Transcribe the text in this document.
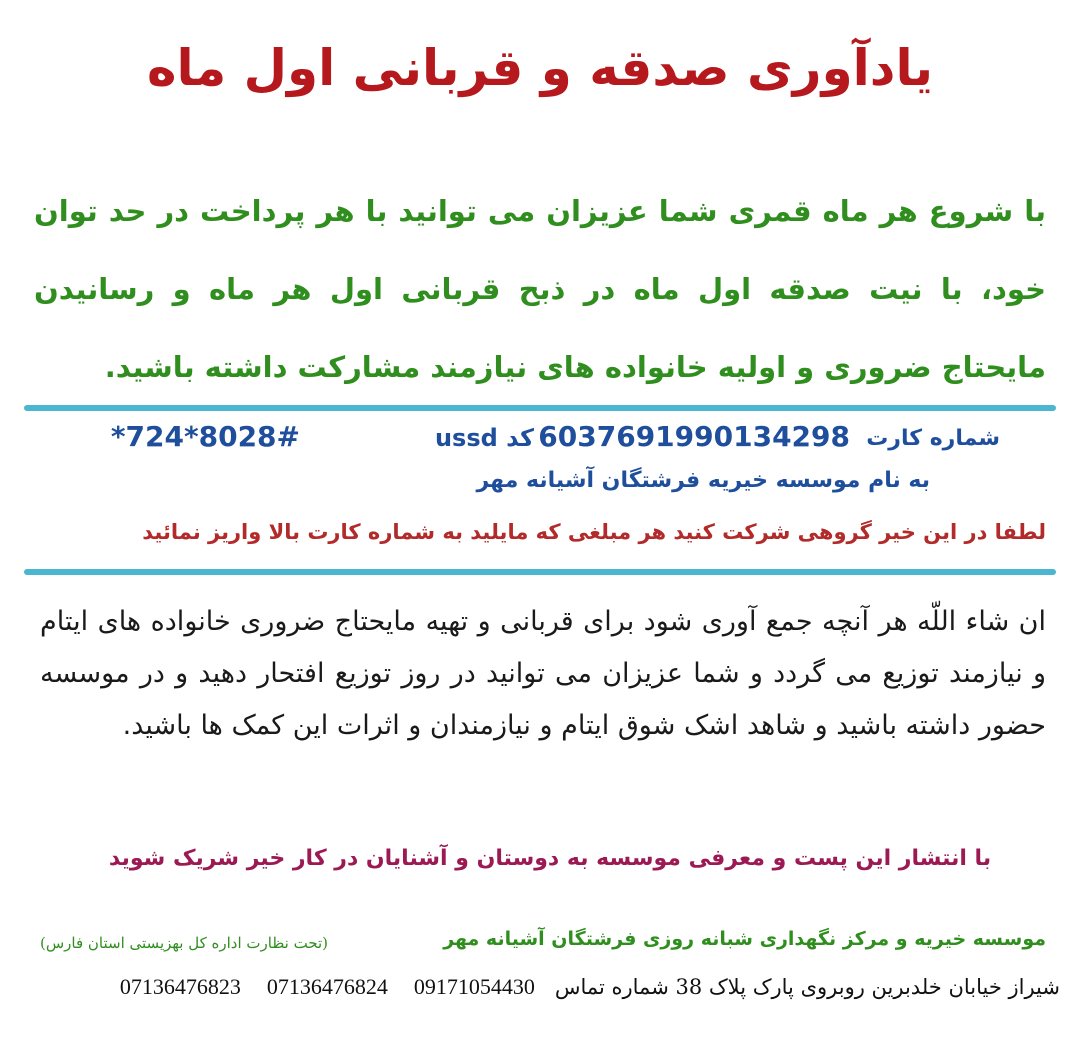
یادآوری صدقه و قربانی اول ماه
با شروع هر ماه قمری شما عزیزان می توانید با هر پرداخت در حد توان خود، با نیت صدقه اول ماه در ذبح قربانی اول هر ماه و رسانیدن مایحتاج ضروری و اولیه خانواده های نیازمند مشارکت داشته باشید.
شماره کارت
6037691990134298
کد ussd
*724*8028#
به نام موسسه خیریه فرشتگان آشیانه مهر
لطفا در این خیر گروهی شرکت کنید هر مبلغی که مایلید به شماره کارت بالا واریز نمائید
ان شاء اللّه هر آنچه جمع آوری شود برای قربانی و تهیه مایحتاج ضروری خانواده های ایتام و نیازمند توزیع می گردد و شما عزیزان می توانید در روز توزیع افتحار دهید و در موسسه حضور داشته باشید و شاهد اشک شوق ایتام و نیازمندان و اثرات این کمک ها باشید.
با انتشار این پست و معرفی موسسه به دوستان و آشنایان در کار خیر شریک شوید
موسسه خیریه و مرکز نگهداری شبانه روزی فرشتگان آشیانه مهر
(تحت نظارت اداره کل بهزیستی استان فارس)
شیراز خیابان خلدبرین روبروی پارک پلاک 38 شماره تماس091710544300713647682407136476823
